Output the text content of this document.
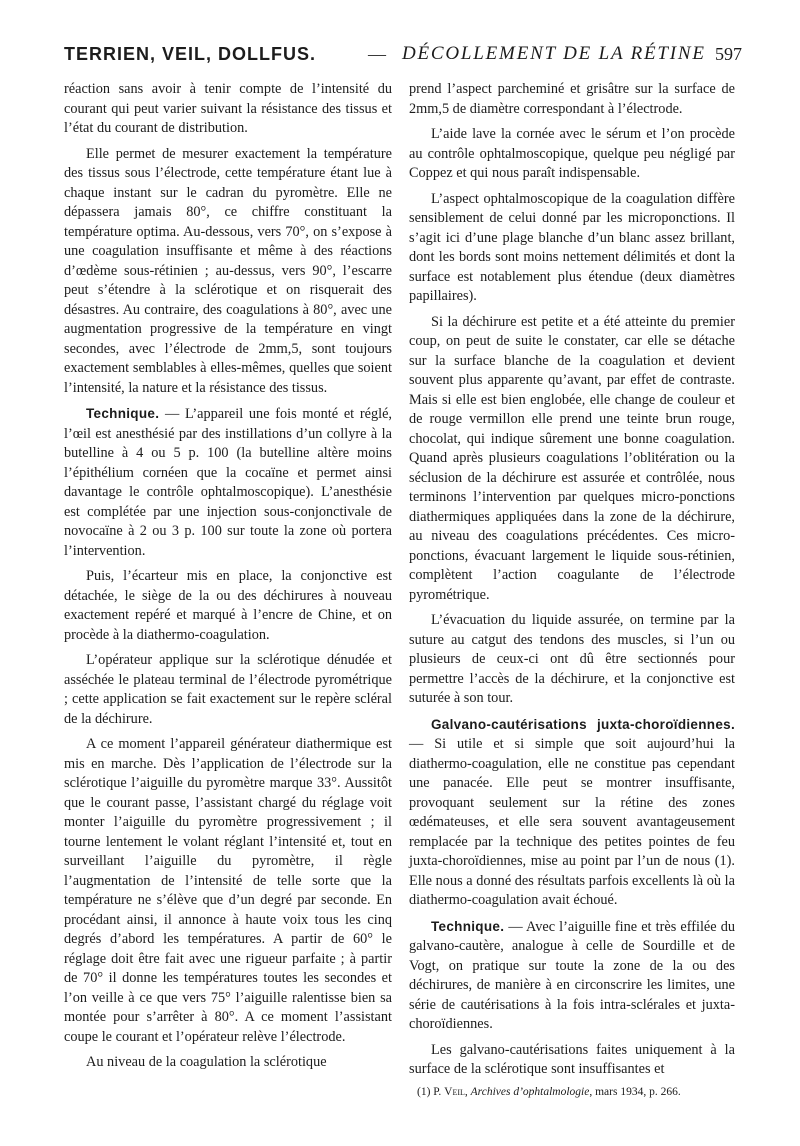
TERRIEN, VEIL, DOLLFUS.	— DÉCOLLEMENT DE LA RÉTINE 597

réaction sans avoir à tenir compte de l’intensité du courant qui peut varier suivant la résistance des tissus et l’état du courant de distribution.

Elle permet de mesurer exactement la température des tissus sous l’électrode, cette température étant lue à chaque instant sur le cadran du pyromètre. Elle ne dépassera jamais 80°, ce chiffre constituant la température optima. Au-dessous, vers 70°, on s’expose à une coagulation insuffisante et même à des réactions d’œdème sous-rétinien ; au-dessus, vers 90°, l’escarre peut s’étendre à la sclérotique et on risquerait des désastres. Au contraire, des coagulations à 80°, avec une augmentation progressive de la température en vingt secondes, avec l’électrode de 2mm,5, sont toujours exactement semblables à elles-mêmes, quelles que soient l’intensité, la nature et la résistance des tissus.

Technique. — L’appareil une fois monté et réglé, l’œil est anesthésié par des instillations d’un collyre à la butelline à 4 ou 5 p. 100 (la butelline altère moins l’épithélium cornéen que la cocaïne et permet ainsi davantage le contrôle ophtalmoscopique). L’anesthésie est complétée par une injection sous-conjonctivale de novocaïne à 2 ou 3 p. 100 sur toute la zone où portera l’intervention.

Puis, l’écarteur mis en place, la conjonctive est détachée, le siège de la ou des déchirures à nouveau exactement repéré et marqué à l’encre de Chine, et on procède à la diathermo-coagulation.

L’opérateur applique sur la sclérotique dénudée et asséchée le plateau terminal de l’électrode pyrométrique ; cette application se fait exactement sur le repère scléral de la déchirure.

A ce moment l’appareil générateur diathermique est mis en marche. Dès l’application de l’électrode sur la sclérotique l’aiguille du pyromètre marque 33°. Aussitôt que le courant passe, l’assistant chargé du réglage voit monter l’aiguille du pyromètre progressivement ; il tourne lentement le volant réglant l’intensité et, tout en surveillant l’aiguille du pyromètre, il règle l’augmentation de l’intensité de telle sorte que la température ne s’élève que d’un degré par seconde. En procédant ainsi, il annonce à haute voix tous les cinq degrés d’abord les températures. A partir de 60° le réglage doit être fait avec une rigueur parfaite ; à partir de 70° il donne les températures toutes les secondes et l’on veille à ce que vers 75° l’aiguille ralentisse bien sa montée pour s’arrêter à 80°. A ce moment l’assistant coupe le courant et l’opérateur relève l’électrode.

Au niveau de la coagulation la sclérotique

prend l’aspect parcheminé et grisâtre sur la surface de 2mm,5 de diamètre correspondant à l’électrode.

L’aide lave la cornée avec le sérum et l’on procède au contrôle ophtalmoscopique, quelque peu négligé par Coppez et qui nous paraît indispensable.

L’aspect ophtalmoscopique de la coagulation diffère sensiblement de celui donné par les microponctions. Il s’agit ici d’une plage blanche d’un blanc assez brillant, dont les bords sont moins nettement délimités et dont la surface est notablement plus étendue (deux diamètres papillaires).

Si la déchirure est petite et a été atteinte du premier coup, on peut de suite le constater, car elle se détache sur la surface blanche de la coagulation et devient souvent plus apparente qu’avant, par effet de contraste. Mais si elle est bien englobée, elle change de couleur et de rouge vermillon elle prend une teinte brun rouge, chocolat, qui indique sûrement une bonne coagulation. Quand après plusieurs coagulations l’oblitération ou la séclusion de la déchirure est assurée et contrôlée, nous terminons l’intervention par quelques micro-ponctions diathermiques appliquées dans la zone de la déchirure, au niveau des coagulations précédentes. Ces micro-ponctions, évacuant largement le liquide sous-rétinien, complètent l’action coagulante de l’électrode pyrométrique.

L’évacuation du liquide assurée, on termine par la suture au catgut des tendons des muscles, si l’un ou plusieurs de ceux-ci ont dû être sectionnés pour permettre l’accès de la déchirure, et la conjonctive est suturée à son tour.

Galvano-cautérisations juxta-choroïdiennes. — Si utile et si simple que soit aujourd’hui la diathermo-coagulation, elle ne constitue pas cependant une panacée. Elle peut se montrer insuffisante, provoquant seulement sur la rétine des zones œdémateuses, et elle sera souvent avantageusement remplacée par la technique des petites pointes de feu juxta-choroïdiennes, mise au point par l’un de nous (1). Elle nous a donné des résultats parfois excellents là où la diathermo-coagulation avait échoué.

Technique. — Avec l’aiguille fine et très effilée du galvano-cautère, analogue à celle de Sourdille et de Vogt, on pratique sur toute la zone de la ou des déchirures, de manière à en circonscrire les limites, une série de cautérisations à la fois intra-sclérales et juxta-choroïdiennes.

Les galvano-cautérisations faites uniquement à la surface de la sclérotique sont insuffisantes et

(1) P. Veil, Archives d’ophtalmologie, mars 1934, p. 266.
